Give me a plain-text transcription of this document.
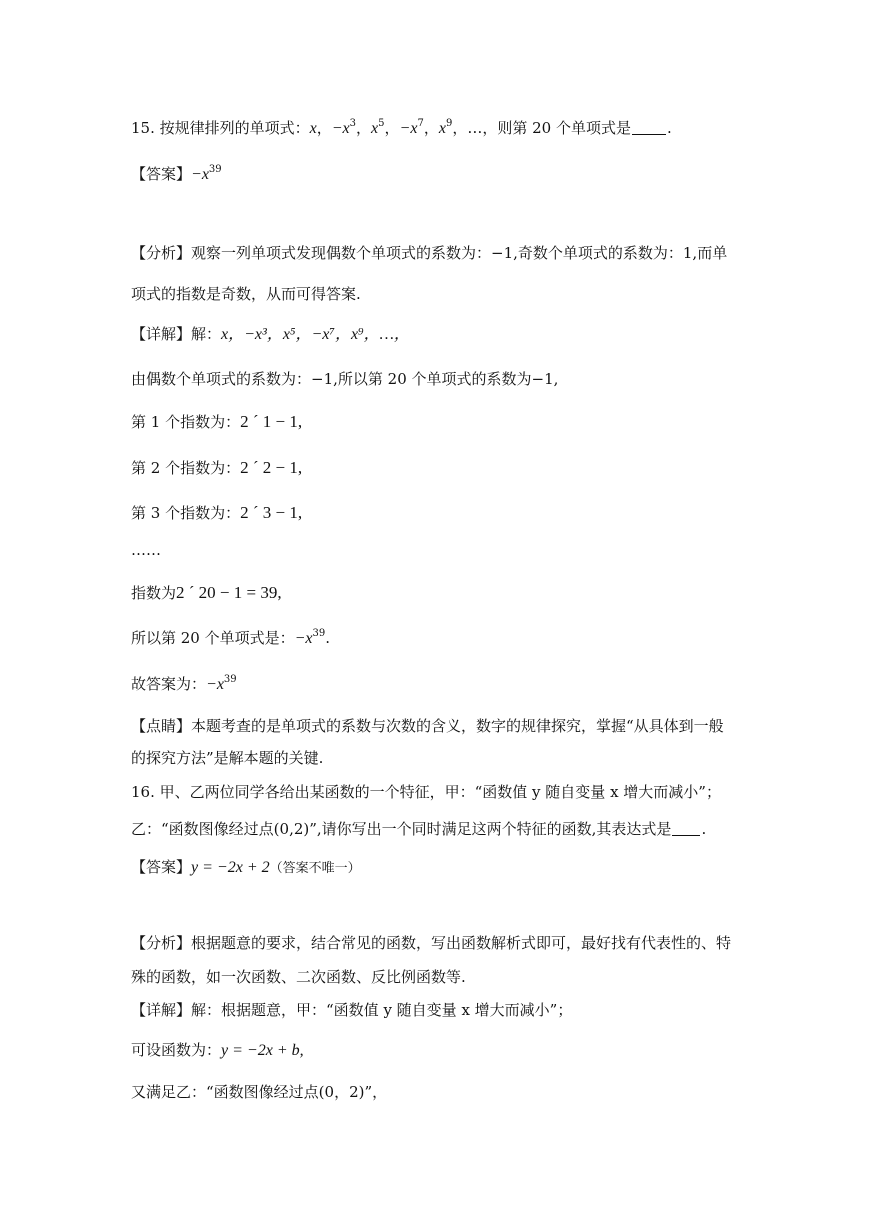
15. 按规律排列的单项式：x，$-x^3$，$x^5$，$-x^7$，$x^9$，…，则第 20 个单项式是 .
【答案】$-x^{39}$
【分析】观察一列单项式发现偶数个单项式的系数为：−1,奇数个单项式的系数为：1,而单
项式的指数是奇数，从而可得答案.
【详解】解：x，−x³，x⁵，−x⁷，x⁹，…，
由偶数个单项式的系数为：−1,所以第 20 个单项式的系数为−1,
第 1 个指数为：2 ´ 1 − 1,
第 2 个指数为：2 ´ 2 − 1,
第 3 个指数为：2 ´ 3 − 1,
……
指数为2 ´ 20 − 1 = 39,
所以第 20 个单项式是：$-x^{39}$.
故答案为：$-x^{39}$
【点睛】本题考查的是单项式的系数与次数的含义，数字的规律探究，掌握“从具体到一般
的探究方法”是解本题的关键.
16. 甲、乙两位同学各给出某函数的一个特征，甲：“函数值 y 随自变量 x 增大而减小”；
乙：“函数图像经过点(0,2)”,请你写出一个同时满足这两个特征的函数,其表达式是 .
【答案】y = −2x + 2（答案不唯一）
【分析】根据题意的要求，结合常见的函数，写出函数解析式即可，最好找有代表性的、特
殊的函数，如一次函数、二次函数、反比例函数等.
【详解】解：根据题意，甲：“函数值 y 随自变量 x 增大而减小”；
可设函数为：y = −2x + b,
又满足乙：“函数图像经过点(0，2)”，
